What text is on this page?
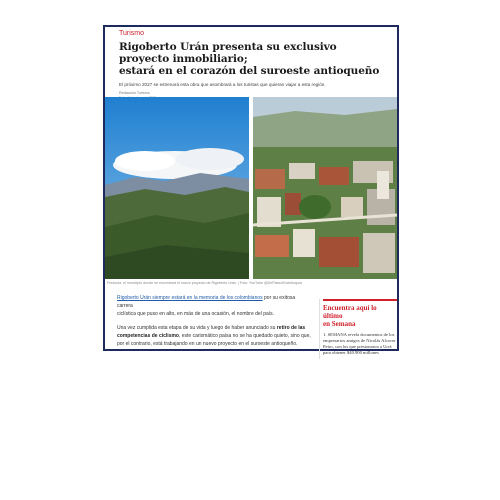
Turismo
Rigoberto Urán presenta su exclusivo proyecto inmobiliario;
estará en el corazón del suroeste antioqueño
El próximo 2027 se estrenará esta obra que asombrará a los turistas que quieran viajar a esta región.
Redacción Turismo
Fredonia, el municipio donde se encontrará el nuevo proyecto de Rigoberto Urán. | Foto: YouTube @DePaseoEnAntioquia

Rigoberto Urán siempre estará en la memoria de los colombianos por su exitosa carrera
ciclística que puso en alto, en más de una ocasión, el nombre del país.

Una vez cumplida esta etapa de su vida y luego de haber anunciado su retiro de las
competencias de ciclismo, este carismático paisa no se ha quedado quieto, sino que,
por el contrario, está trabajando en un nuevo proyecto en el suroeste antioqueño.

Encuentra aquí lo último
en Semana
1. SEMANA revela documentos de los empresarios amigos de Nicolás Alcocer Petro, con los que presionaron a Urrá para obtener $40.900 millones
